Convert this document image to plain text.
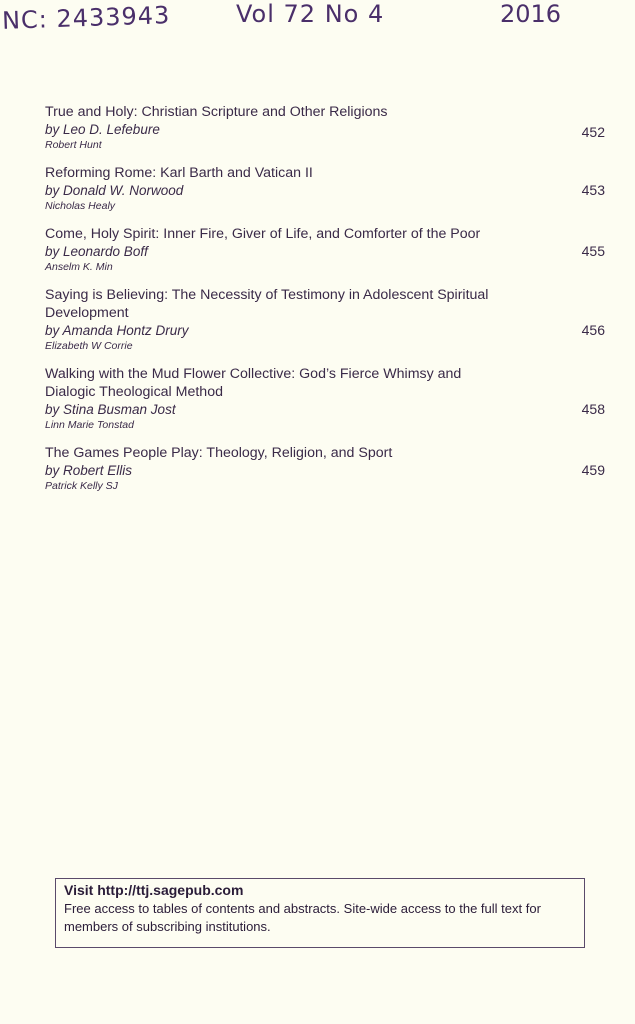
NC: 2433943	Vol 72 No 4	2016
True and Holy: Christian Scripture and Other Religions
by Leo D. Lefebure
Robert Hunt
452
Reforming Rome: Karl Barth and Vatican II
by Donald W. Norwood
Nicholas Healy
453
Come, Holy Spirit: Inner Fire, Giver of Life, and Comforter of the Poor
by Leonardo Boff
Anselm K. Min
455
Saying is Believing: The Necessity of Testimony in Adolescent Spiritual Development
by Amanda Hontz Drury
Elizabeth W Corrie
456
Walking with the Mud Flower Collective: God’s Fierce Whimsy and Dialogic Theological Method
by Stina Busman Jost
Linn Marie Tonstad
458
The Games People Play: Theology, Religion, and Sport
by Robert Ellis
Patrick Kelly SJ
459
Visit http://ttj.sagepub.com
Free access to tables of contents and abstracts. Site-wide access to the full text for members of subscribing institutions.
